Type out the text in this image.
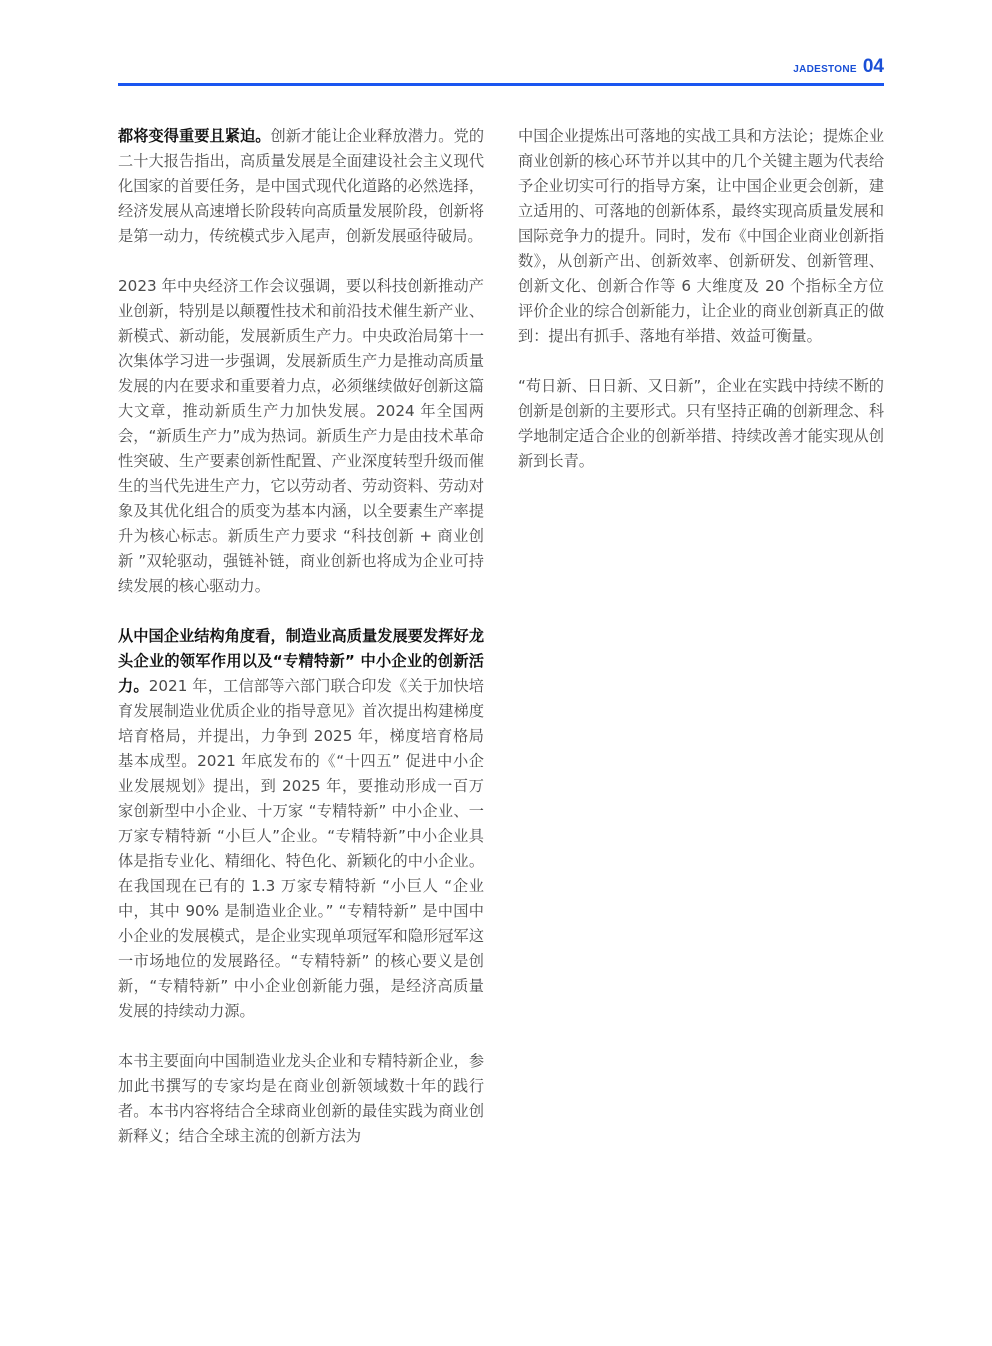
JADESTONE 04

都将变得重要且紧迫。创新才能让企业释放潜力。党的二十大报告指出，高质量发展是全面建设社会主义现代化国家的首要任务，是中国式现代化道路的必然选择，经济发展从高速增长阶段转向高质量发展阶段，创新将是第一动力，传统模式步入尾声，创新发展亟待破局。

2023 年中央经济工作会议强调，要以科技创新推动产业创新，特别是以颠覆性技术和前沿技术催生新产业、新模式、新动能，发展新质生产力。中央政治局第十一次集体学习进一步强调，发展新质生产力是推动高质量发展的内在要求和重要着力点，必须继续做好创新这篇大文章，推动新质生产力加快发展。2024 年全国两会，“新质生产力”成为热词。新质生产力是由技术革命性突破、生产要素创新性配置、产业深度转型升级而催生的当代先进生产力，它以劳动者、劳动资料、劳动对象及其优化组合的质变为基本内涵，以全要素生产率提升为核心标志。新质生产力要求 “科技创新 + 商业创新 ”双轮驱动，强链补链，商业创新也将成为企业可持续发展的核心驱动力。

从中国企业结构角度看，制造业高质量发展要发挥好龙头企业的领军作用以及“专精特新” 中小企业的创新活力。2021 年，工信部等六部门联合印发《关于加快培育发展制造业优质企业的指导意见》首次提出构建梯度培育格局，并提出，力争到 2025 年，梯度培育格局基本成型。2021 年底发布的《“十四五” 促进中小企业发展规划》提出，到 2025 年，要推动形成一百万家创新型中小企业、十万家 “专精特新” 中小企业、一万家专精特新 “小巨人”企业。“专精特新”中小企业具体是指专业化、精细化、特色化、新颖化的中小企业。在我国现在已有的 1.3 万家专精特新 “小巨人 “企业中，其中 90% 是制造业企业。” “专精特新” 是中国中小企业的发展模式，是企业实现单项冠军和隐形冠军这一市场地位的发展路径。“专精特新” 的核心要义是创新，“专精特新” 中小企业创新能力强，是经济高质量发展的持续动力源。

本书主要面向中国制造业龙头企业和专精特新企业，参加此书撰写的专家均是在商业创新领域数十年的践行者。本书内容将结合全球商业创新的最佳实践为商业创新释义；结合全球主流的创新方法为

中国企业提炼出可落地的实战工具和方法论；提炼企业商业创新的核心环节并以其中的几个关键主题为代表给予企业切实可行的指导方案，让中国企业更会创新，建立适用的、可落地的创新体系，最终实现高质量发展和国际竞争力的提升。同时，发布《中国企业商业创新指数》，从创新产出、创新效率、创新研发、创新管理、创新文化、创新合作等 6 大维度及 20 个指标全方位评价企业的综合创新能力，让企业的商业创新真正的做到：提出有抓手、落地有举措、效益可衡量。

“苟日新、日日新、又日新”，企业在实践中持续不断的创新是创新的主要形式。只有坚持正确的创新理念、科学地制定适合企业的创新举措、持续改善才能实现从创新到长青。
